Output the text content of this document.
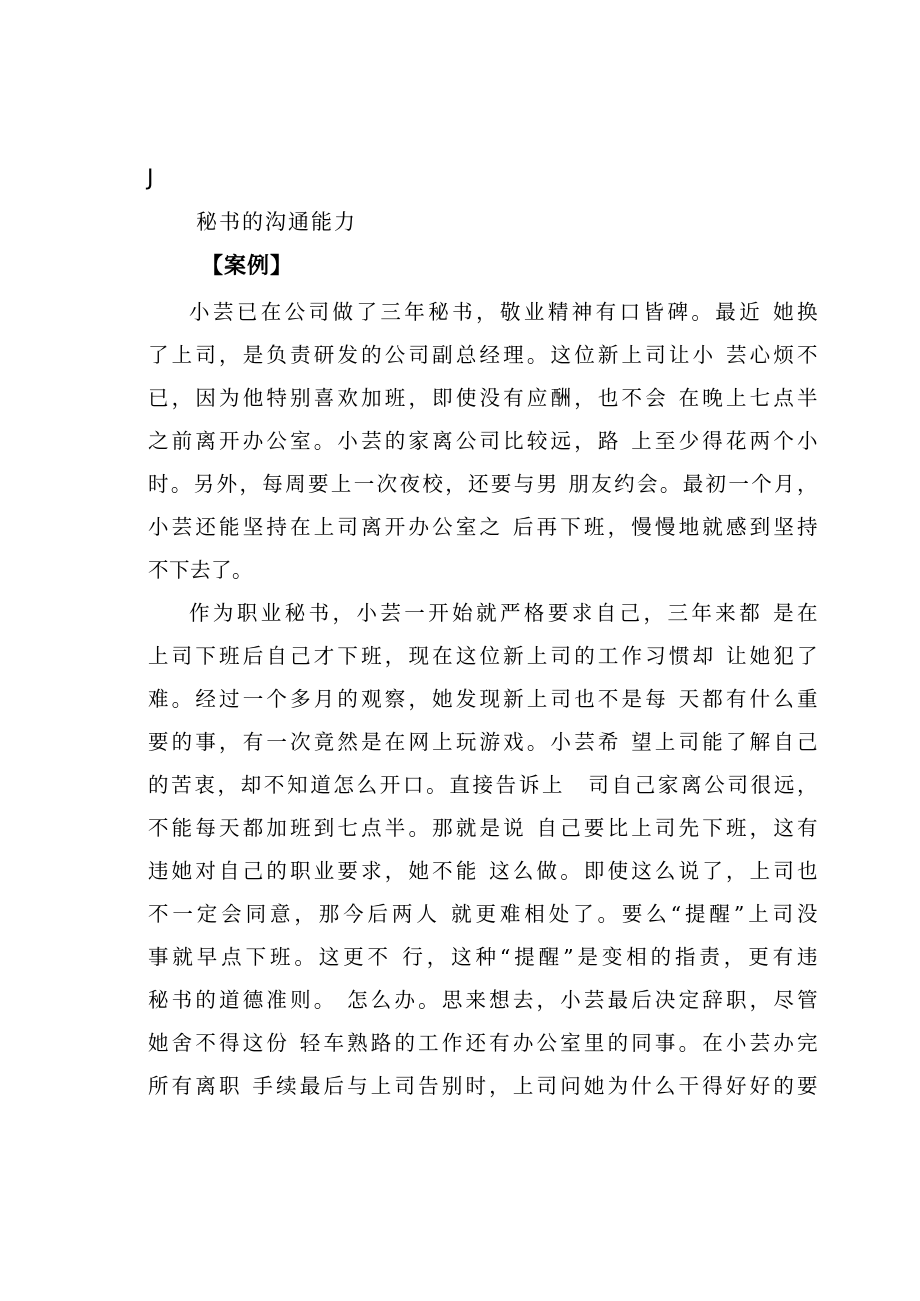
J
秘书的沟通能力
【案例】
小芸已在公司做了三年秘书，敬业精神有口皆碑。最近 她换
了上司，是负责研发的公司副总经理。这位新上司让小 芸心烦不
已，因为他特别喜欢加班，即使没有应酬，也不会 在晚上七点半
之前离开办公室。小芸的家离公司比较远，路 上至少得花两个小
时。另外，每周要上一次夜校，还要与男 朋友约会。最初一个月，
小芸还能坚持在上司离开办公室之 后再下班，慢慢地就感到坚持
不下去了。
作为职业秘书，小芸一开始就严格要求自己，三年来都 是在
上司下班后自己才下班，现在这位新上司的工作习惯却 让她犯了
难。经过一个多月的观察，她发现新上司也不是每 天都有什么重
要的事，有一次竟然是在网上玩游戏。小芸希 望上司能了解自己
的苦衷，却不知道怎么开口。直接告诉上　司自己家离公司很远，
不能每天都加班到七点半。那就是说 自己要比上司先下班，这有
违她对自己的职业要求，她不能 这么做。即使这么说了，上司也
不一定会同意，那今后两人 就更难相处了。要么“提醒”上司没
事就早点下班。这更不 行，这种“提醒”是变相的指责，更有违
秘书的道德准则。 怎么办。思来想去，小芸最后决定辞职，尽管
她舍不得这份 轻车熟路的工作还有办公室里的同事。在小芸办完
所有离职 手续最后与上司告别时，上司问她为什么干得好好的要
